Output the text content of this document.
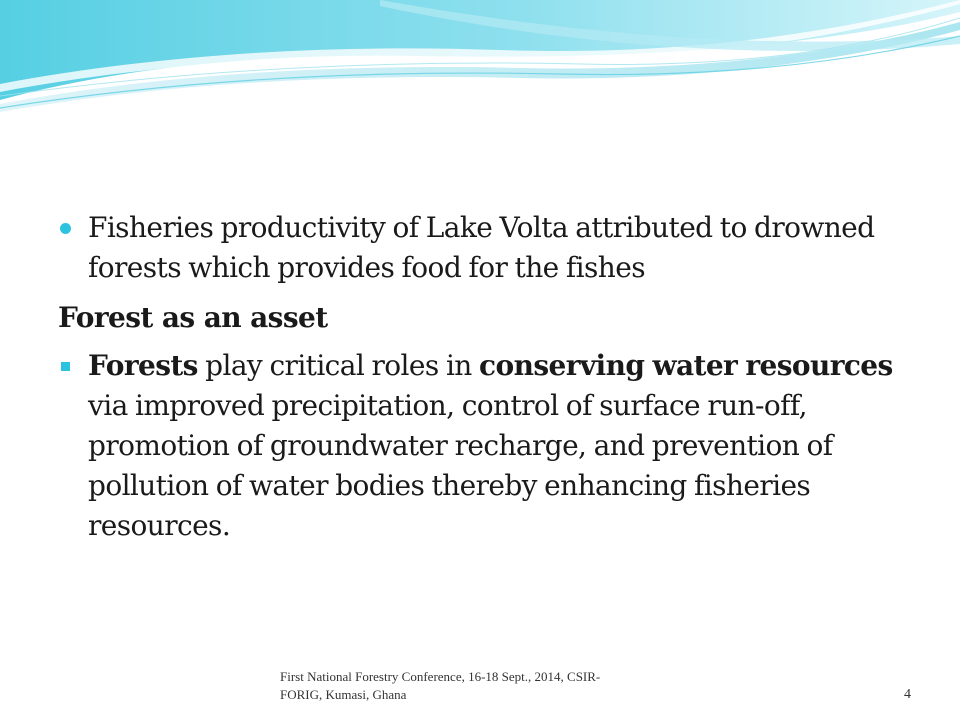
Fisheries productivity of Lake Volta attributed to drowned forests which provides food for the fishes
Forest as an asset
Forests play critical roles in conserving water resources via improved precipitation, control of surface run-off, promotion of groundwater recharge, and prevention of pollution of water bodies thereby enhancing fisheries resources.
First National Forestry Conference, 16-18 Sept., 2014, CSIR-FORIG, Kumasi, Ghana	4
